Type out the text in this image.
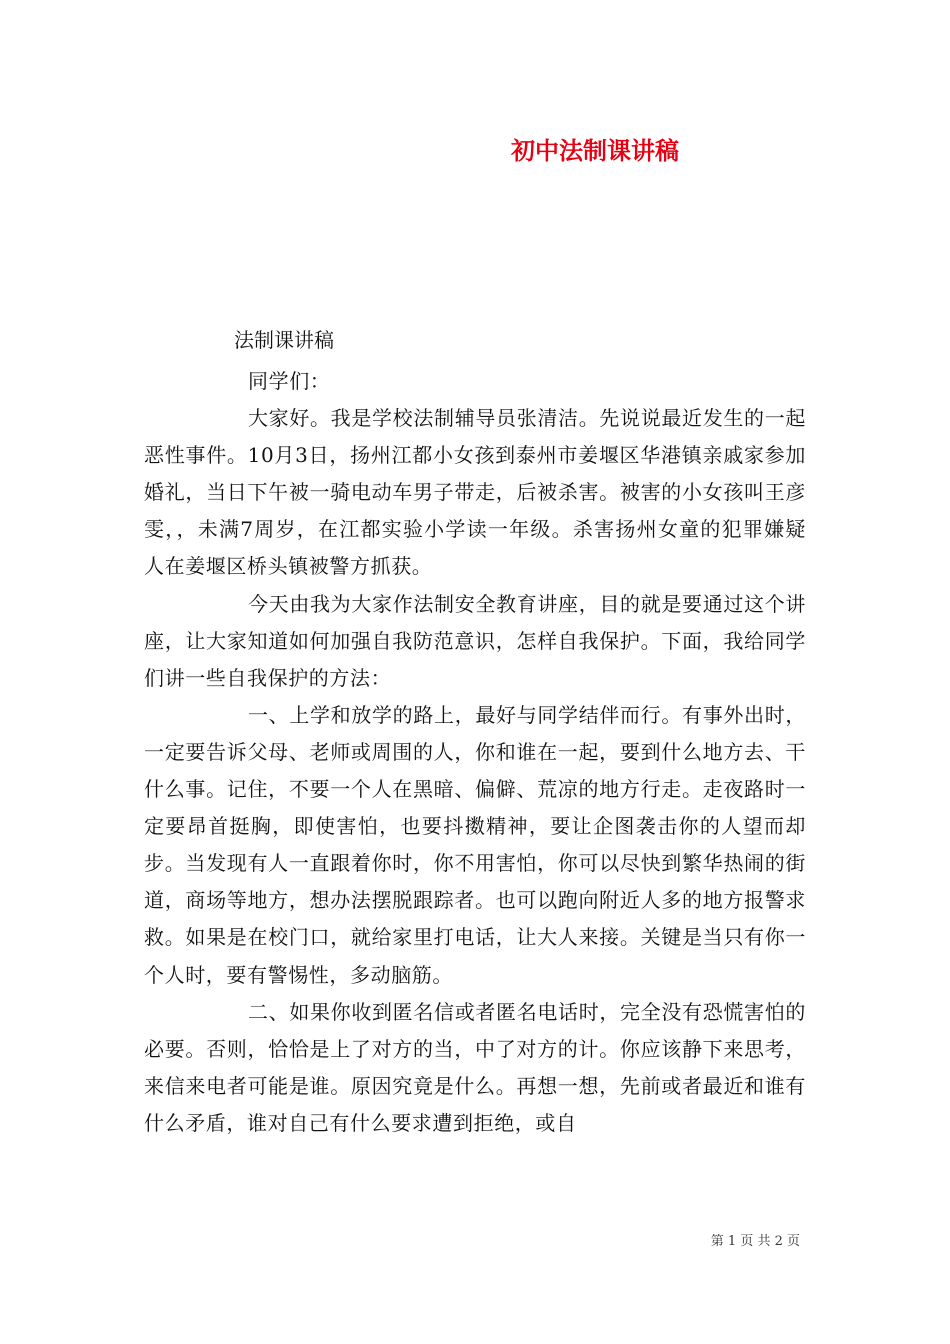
初中法制课讲稿
法制课讲稿

同学们：

大家好。我是学校法制辅导员张清洁。先说说最近发生的一起恶性事件。10月3日，扬州江都小女孩到泰州市姜堰区华港镇亲戚家参加婚礼，当日下午被一骑电动车男子带走，后被杀害。被害的小女孩叫王彦雯，，未满7周岁，在江都实验小学读一年级。杀害扬州女童的犯罪嫌疑人在姜堰区桥头镇被警方抓获。

今天由我为大家作法制安全教育讲座，目的就是要通过这个讲座，让大家知道如何加强自我防范意识，怎样自我保护。下面，我给同学们讲一些自我保护的方法：

一、上学和放学的路上，最好与同学结伴而行。有事外出时，一定要告诉父母、老师或周围的人，你和谁在一起，要到什么地方去、干什么事。记住，不要一个人在黑暗、偏僻、荒凉的地方行走。走夜路时一定要昂首挺胸，即使害怕，也要抖擞精神，要让企图袭击你的人望而却步。当发现有人一直跟着你时，你不用害怕，你可以尽快到繁华热闹的街道，商场等地方，想办法摆脱跟踪者。也可以跑向附近人多的地方报警求救。如果是在校门口，就给家里打电话，让大人来接。关键是当只有你一个人时，要有警惕性，多动脑筋。

二、如果你收到匿名信或者匿名电话时，完全没有恐慌害怕的必要。否则，恰恰是上了对方的当，中了对方的计。你应该静下来思考，来信来电者可能是谁。原因究竟是什么。再想一想，先前或者最近和谁有什么矛盾，谁对自己有什么要求遭到拒绝，或自

第 1 页 共 2 页
